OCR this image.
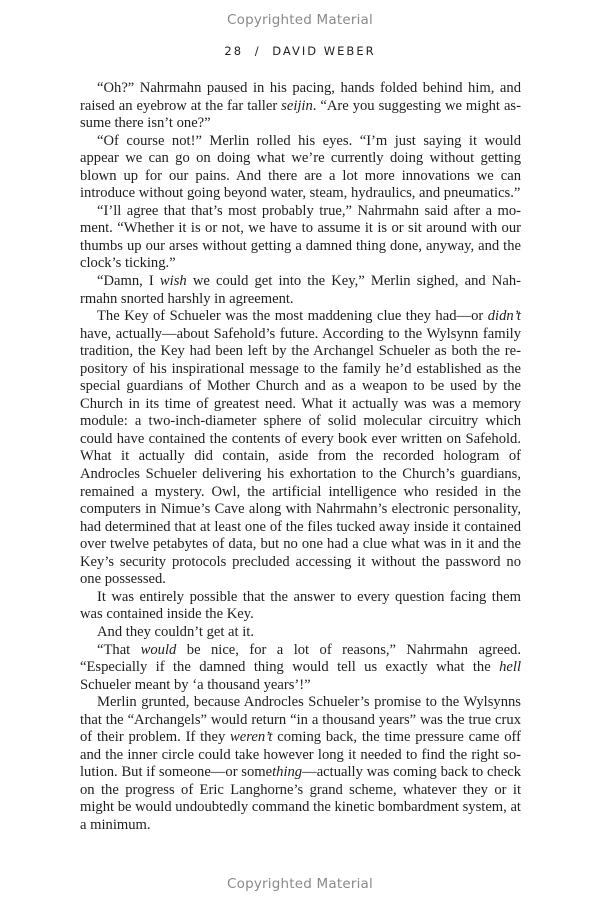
Copyrighted Material
28 / DAVID WEBER

“Oh?” Nahrmahn paused in his pacing, hands folded behind him, and raised an eyebrow at the far taller seijin. “Are you suggesting we might assume there isn’t one?”

“Of course not!” Merlin rolled his eyes. “I’m just saying it would appear we can go on doing what we’re currently doing without getting blown up for our pains. And there are a lot more innovations we can introduce without going beyond water, steam, hydraulics, and pneumatics.”

“I’ll agree that that’s most probably true,” Nahrmahn said after a moment. “Whether it is or not, we have to assume it is or sit around with our thumbs up our arses without getting a damned thing done, anyway, and the clock’s ticking.”

“Damn, I wish we could get into the Key,” Merlin sighed, and Nahrmahn snorted harshly in agreement.

The Key of Schueler was the most maddening clue they had—or didn’t have, actually—about Safehold’s future. According to the Wylsynn family tradition, the Key had been left by the Archangel Schueler as both the repository of his inspirational message to the family he’d established as the special guardians of Mother Church and as a weapon to be used by the Church in its time of greatest need. What it actually was was a memory module: a two-inch-diameter sphere of solid molecular circuitry which could have contained the contents of every book ever written on Safehold. What it actually did contain, aside from the recorded hologram of Androcles Schueler delivering his exhortation to the Church’s guardians, remained a mystery. Owl, the artificial intelligence who resided in the computers in Nimue’s Cave along with Nahrmahn’s electronic personality, had determined that at least one of the files tucked away inside it contained over twelve petabytes of data, but no one had a clue what was in it and the Key’s security protocols precluded accessing it without the password no one possessed.

It was entirely possible that the answer to every question facing them was contained inside the Key.

And they couldn’t get at it.

“That would be nice, for a lot of reasons,” Nahrmahn agreed. “Especially if the damned thing would tell us exactly what the hell Schueler meant by ‘a thousand years’!”

Merlin grunted, because Androcles Schueler’s promise to the Wylsynns that the “Archangels” would return “in a thousand years” was the true crux of their problem. If they weren’t coming back, the time pressure came off and the inner circle could take however long it needed to find the right solution. But if someone—or something—actually was coming back to check on the progress of Eric Langhorne’s grand scheme, whatever they or it might be would undoubtedly command the kinetic bombardment system, at a minimum.

Copyrighted Material
